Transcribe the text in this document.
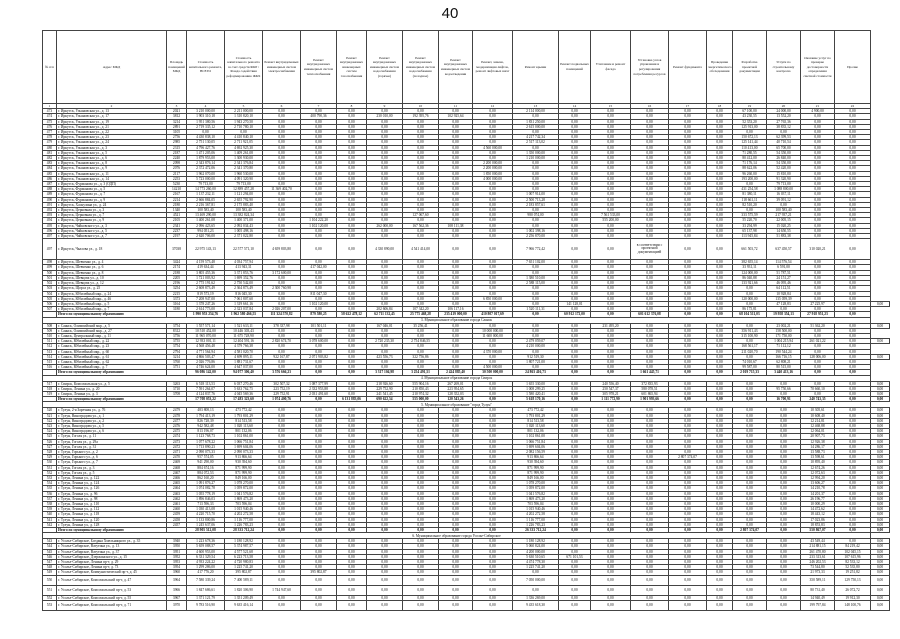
40
№ п/п	Адрес МКД	Площадь помещений МКД	Стоимость капитального ремонта, ВСЕГО	Стоимость капитального ремонта за счет средств ФКР / Фонда содействия реформированию ЖКХ	Ремонт внутридомовых инженерных систем электроснабжения	Ремонт внутридомовых инженерных систем теплоснабжения	Ремонт внутридомовых инженерных систем газоснабжения	Ремонт внутридомовых инженерных систем водоснабжения (горячее)	Ремонт внутридомовых инженерных систем водоснабжения (холодное)	Ремонт внутридомовых инженерных систем водоотведения	Ремонт, замена, модернизация лифтов, ремонт лифтовых шахт	Ремонт крыши	Ремонт подвальных помещений	Утепление и ремонт фасада	Установка узлов управления и регулирования потребления ресурсов	Ремонт фундамента	Проведение энергетического обследования	Разработка проектной документации	Услуги по строительному контролю	Оказание услуг по проверке достоверности определения сметной стоимости	Прочие	
1	2	3	4	5	6	7	8	9	10	11	12	13	14	15	16	17	18	19	20	21	22	
473	г. Иркутск, Ульяновская ул., д. 13	2021	3 210 000,00	2 211 000,00	0,00	0,00	0,00	0,00	0,00	0,00	0,00	2 114 000,00	0,00	0,00	0,00	0,00	0,00	67 100,00	24 000,00	4 900,00	0,00	
474	г. Иркутск, Ульяновская ул., д. 17	3812	1 903 310,18	1 310 820,10	0,00	400 790,36	0,00	230 010,00	192 395,76	102 925,64	0,00	0,00	0,00	0,00	0,00	0,00	0,00	43 230,55	13 552,20	0,00	0,00	
475	г. Иркутск, Ульяновская ул., д. 19	3214	1 951 380,56	1 943 270,50	0,00	0,00	0,00	0,00	0,00	0,00	0,00	1 831 250,00	0,00	0,00	0,00	0,00	0,00	52 353,20	27 765,36	0,00	0,00	
476	г. Иркутск, Ульяновская ул., д. 21	2891	2 719 335,12	2 710 780,10	0,00	0,00	0,00	0,00	0,00	0,00	0,00	2 615 000,00	0,00	0,00	0,00	0,00	0,00	125 913,00	38 835,12	0,00	0,00	
477	г. Иркутск, Ульяновская ул., д. 22	3105	0,00	0,00	0,00	0,00	0,00	0,00	0,00	0,00	0,00	0,00	0,00	0,00	0,00	0,00	0,00	0,00	0,00	0,00	0,00	
478	г. Иркутск, Ульяновская ул., д. 23	2756	4 430 838,10	4 410 840,10	0,00	0,00	0,00	0,00	0,00	0,00	0,00	4 217 742,34	0,00	0,00	0,00	0,00	0,00	150 672,13	62 399,53	0,00	0,00	
479	г. Иркутск, Ульяновская ул., д. 24	2985	2 751 130,05	2 711 921,05	0,00	0,00	0,00	0,00	0,00	0,00	0,00	2 517 113,02	0,00	0,00	0,00	0,00	0,00	125 141,44	40 710,54	0,00	0,00	
480	г. Иркутск, Ульяновская ул., д. 3	2315	4 796 427,76	4 692 925,30	0,00	0,00	0,00	0,00	0,00	0,00	4 560 000,00	0,00	0,00	0,00	0,00	0,00	0,00	110 413,00	65 700,00	0,00	0,00	
481	г. Иркутск, Ульяновская ул., д. 5	2187	1 471 205,06	1 409 261,08	0,00	0,00	0,00	0,00	0,00	0,00	0,00	1 350 000,00	0,00	0,00	0,00	0,00	0,00	71 280,55	54 350,00	0,00	0,00	
482	г. Иркутск, Ульяновская ул., д. 6	2240	1 879 953,00	1 300 930,00	0,00	0,00	0,00	0,00	0,00	0,00	0,00	1 210 000,00	0,00	0,00	0,00	0,00	0,00	80 412,00	26 840,00	0,00	0,00	
483	г. Иркутск, Ульяновская ул., д. 8	2098	2 343 876,14	2 341 376,84	0,00	0,00	0,00	0,00	0,00	0,00	2 200 000,00	0,00	0,00	0,00	0,00	0,00	0,00	71 176,14	54 350,00	0,00	0,00	
484	г. Иркутск, Ульяновская ул., д. 9	2076	2 372 472,06	2 341 370,80	0,00	0,00	0,00	0,00	0,00	0,00	2 200 000,00	0,00	0,00	0,00	0,00	0,00	0,00	88 622,06	52 420,00	0,00	0,00	
485	г. Иркутск, Ульяновская ул., д. 11	2117	1 962 070,00	1 960 530,00	0,00	0,00	0,00	0,00	0,00	0,00	1 850 000,00	0,00	0,00	0,00	0,00	0,00	0,00	96 260,00	15 810,00	0,00	0,00	
486	г. Иркутск, Ульяновская ул., д. 14	2253	5 723 000,00	4 091 320,90	0,00	0,00	0,00	0,00	0,00	0,00	4 000 000,00	0,00	0,00	0,00	0,00	0,00	0,00	193 200,00	91 320,90	0,00	0,00	
487	г. Иркутск, Фурманова ул., д. 3 (ОДП)	5230	79 713,00	79 713,00	0,00	0,00	0,00	0,00	0,00	0,00	0,00	0,00	0,00	0,00	0,00	0,00	0,00	0,00	79 713,00	0,00	0,00	
488	г. Иркутск, Фурманова ул., д. 5	14210	14 773 260,00	12 889 457,28	11 369 402,70	0,00	0,00	0,00	0,00	0,00	0,00	0,00	0,00	0,00	0,00	0,00	0,00	431 254,58	1 088 800,00	0,00	0,00	
489	г. Иркутск, Фурманова ул., д. 7	2167	1 137 232,11	1 121 294,00	0,00	0,00	0,00	0,00	0,00	0,00	0,00	1 007 914,00	0,00	0,00	0,00	0,00	0,00	81 380,11	16 037,11	0,00	0,00	
490	г. Иркутск, Фурманова ул., д. 9	2214	2 666 884,05	2 655 792,90	0,00	0,00	0,00	0,00	0,00	0,00	0,00	2 500 713,28	0,00	0,00	0,00	0,00	0,00	118 661,11	39 091,12	0,00	0,00	
491	г. Иркутск, Хаснулина ул., д. 24	2180	2 216 367,81	2 175 883,40	0,00	0,00	0,00	0,00	0,00	0,00	0,00	2 183 857,61	0,00	0,00	0,00	0,00	0,00	82 510,20	0,00	0,00	0,00	
492	г. Иркутск, Церковная ул., д. 3	1340	100 583,40	100 583,40	0,00	0,00	0,00	0,00	0,00	0,00	0,00	0,00	0,00	0,00	0,00	0,00	0,00	0,00	100 583,40	0,00	0,00	
493	г. Иркутск, Церковная ул., д. 7	4521	13 469 290,00	13 382 824,34	0,00	0,00	0,00	0,00	127 067,60	0,00	0,00	980 074,00	0,00	7 561 533,00	0,00	0,00	0,00	333 575,59	217 937,21	0,00	0,00	
494	г. Иркутск, Церковная ул., д. 9	2105	1 400 261,08	1 400 371,00	0,00	1 104 222,20	0,00	0,00	0,00	0,00	0,00	0,00	0,00	555 200,00	0,00	0,00	0,00	55 220,70	22 005,15	0,00	0,00	
495	г. Иркутск, Чайковского ул., д. 3	2341	2 096 423,65	2 092 034,43	0,00	1 102 120,00	0,00	262 000,00	167 562,36	108 111,38	0,00	0,00	0,00	0,00	0,00	0,00	0,00	33 294,99	15 020,25	0,00	0,00	
496	г. Иркутск, Чайковского ул., д. 5	2237	994 051,23	1 005 498,16	0,00	0,00	0,00	0,00	0,00	0,00	0,00	1 002 398,16	0,00	0,00	0,00	0,00	0,00	65 137,98	14 650,55	0,00	0,00	
497	г. Иркутск, Чайковского ул., д. 7	2197	2 620 706,00	2 371 022,80	0,00	0,00	0,00	0,00	0,00	0,00	0,00	2 256 870,00	0,00	0,00	0,00	0,00	0,00	113 945,84	51 883,38	0,00	0,00	
497	г. Иркутск, Чкалова ул., д. 18	37038	22 975 143,13	22 577 571,10	4 659 803,80	0,00	0,00	4 330 890,00	4 541 414,00	0,00	0,00	7 966 772,42	0,00	0,00	в соответствии с проектной документацией	0,00	0,00	661 503,72	637 450,57	310 020,21	0,00	
498	г. Иркутск, Шевченко ул., д. 4	3424	4 159 573,48	4 034 757,94	0,00	0,00	0,00	0,00	0,00	0,00	0,00	7 651 102,00	0,00	0,00	0,00	0,00	0,00	382 655,14	114 576,54	0,00	0,00	
499	г. Иркутск, Шевченко ул., д. 6	2174	419 634,44	413 943,31	0,00	417 042,00	0,00	0,00	0,00	0,00	0,00	0,00	0,00	0,00	0,00	0,00	0,00	33 931,11	6 591,00	0,00	0,00	
500	г. Иркутск, Шевченко ул., д. 8	2188	3 805 455,36	3 371 853,76	3 172 600,00	0,00	0,00	0,00	0,00	0,00	0,00	0,00	0,00	0,00	0,00	0,00	0,00	124 000,00	51 787,51	0,00	0,00	
501	г. Иркутск, Шевцова ул., д. 10	2205	1 721 003,92	1 699 352,76	0,00	0,00	0,00	0,00	0,00	0,00	0,00	1 380 510,00	0,00	0,00	0,00	0,00	0,00	86 040,88	24 151,27	0,00	0,00	
502	г. Иркутск, Шевцова ул., д. 12	2196	2 775 191,62	2 750 542,00	0,00	0,00	0,00	0,00	0,00	0,00	0,00	2 588 115,00	0,00	0,00	0,00	0,00	0,00	133 921,66	46 095,46	0,00	0,00	
503	г. Иркутск, Щорса ул., д. 25	3254	2 608 873,49	2 364 873,49	2 300 760,98	0,00	0,00	0,00	0,00	0,00	0,00	0,00	0,00	0,00	0,00	0,00	0,00	0,00	64 112,51	0,00	0,00	
504	г. Иркутск, Юбилейный мкр., д. 24	2215	819 573,19	816 045,30	0,00	811 047,30	0,00	0,00	0,00	0,00	0,00	0,00	0,00	0,00	0,00	0,00	0,00	0,00	10 928,84	0,00	0,00	
505	г. Иркутск, Юбилейный мкр., д. 46	3373	7 208 947,00	7 061 807,60	0,00	0,00	0,00	0,00	0,00	0,00	6 850 000,00	0,00	0,00	0,00	0,00	0,00	0,00	120 000,00	135 059,39	0,00	0,00	
506	г. Иркутск, Юбилейный мкр., д. 5	3164	1 378 247,26	1 319 661,16	0,00	1 102 120,00	0,00	0,00	0,00	0,00	0,00	0,00	141 128,01	0,00	0,00	0,00	0,00	0,00	47 128,83	27 225,97	0,00	0,00
507	г. Иркутск, Юбилейный мкр., д. 7	3180	2 614 773,00	2 323 037,84	2 026 207,00	0,00	0,00	202 606,84	107 342,20	106 117,16	0,00	1 520 111,31	0,00	0,00	0,00	0,00	0,00	86 175,81	0,00	0,00	0,00	
	Итого по муниципальному образованию		1 990 953 254,76	1 962 580 466,55	111 324 570,82	879 580,25	58 622 478,12	62 711 132,45	25 775 468,28	235 419 000,00	410 807 017,69	0,00	60 912 172,00	0,00	601 612 376,08	0,00	0,00	68 104 511,03	19 958 354,13	27 918 951,23	0,00	
3. Муниципальное образование города Саянск																						
508	г. Саянск, Олимпийский мкр., д. 5	3754	1 557 571,14	1 521 633,11	378 337,98	101 501,11	0,00	167 046,01	35 256,41	0,00	0,00	0,00	0,00	231 495,20	0,00	0,00	0,00	0,00	23 002,21	51 362,20	0,00	0,00
509	г. Саянск, Олимпийский мкр., д. 27	8312	10 510 452,00	10 446 303,43	0,00	0,00	0,00	0,00	0,00	0,00	10 000 000,00	0,00	0,00	0,00	0,00	0,00	0,00	356 911,43	158 500,00	0,00	0,00	
510	г. Саянск, Центральный мкр., д. 11	3756	11 965 070,00	11 675 728,90	0,00	0,00	0,00	0,00	0,00	0,00	11 600 000,00	0,00	0,00	0,00	0,00	0,00	0,00	315 100,90	171 750,00	0,00	0,00	
511	г. Саянск, Юбилейный мкр., д. 22	3755	12 933 001,11	12 404 591,16	2 820 674,70	3 078 600,00	0,00	2 720 235,30	2 754 846,55	0,00	0,00	2 479 059,07	0,00	0,00	0,00	0,00	0,00	0,00	1 004 215,94	261 021,22	0,00	0,00
512	г. Саянск, Юбилейный мкр., д. 23	3754	4 568 456,48	4 379 766,38	0,00	0,00	0,00	0,00	0,00	0,00	0,00	4 210 000,00	0,00	0,00	0,00	0,00	0,00	168 561,17	71 112,12	0,00	0,00	
513	г. Саянск, Юбилейный мкр., д. 60	2794	4 771 564,94	4 581 020,70	0,00	0,00	0,00	0,00	0,00	0,00	4 370 000,00	0,00	0,00	0,00	0,00	0,00	0,00	211 020,70	190 544,24	0,00	0,00	
514	г. Саянск, Юбилейный мкр., д. 61	3214	4 866 503,47	4 699 895,11	922 167,87	2 071 903,82	0,00	423 556,73	322 756,86	0,00	0,00	912 519,30	0,00	0,00	0,00	0,00	0,00	0,00	166 716,15	128 006,00	0,00	0,00
515	г. Саянск, Юбилейный мкр., д. 62	3760	2 026 776,86	1 881 731,67	0,00	0,00	0,00	0,00	0,00	0,00	0,00	1 807 721,00	0,00	0,00	0,00	0,00	0,00	74 010,67	62 808,21	0,00	0,00	
516	г. Саянск, Юбилейный мкр., д. 7	3751	4 746 624,00	4 647 037,00	0,00	0,00	0,00	0,00	0,00	0,00	4 500 000,00	0,00	0,00	0,00	0,00	0,00	0,00	99 587,00	80 515,00	0,00	0,00	
	Итого по муниципальному образованию		96 086 142,00	94 077 306,40	3 576 666,23	0,00	0,00	3 317 104,98	3 254 491,51	2 424 885,40	30 500 000,00	24 863 416,73	0,00	0,00	1 661 445,71	0,00	0,00	2 019 715,33	3 440 413,16	0,00	0,00	
4. Муниципальное образование города Свирск																						
517	г. Свирск, Комсомольская ул., д. 5	3263	6 518 113,53	6 037 270,46	302 507,32	1 087 377,99	0,00	218 926,60	555 904,16	267 269,01	0,00	1 655 330,00	0,00	240 556,40	372 835,93	0,00	0,00	0,00	0,00	0,00	0,00	0,00
518	г. Свирск, Ленина ул., д. 20	3710	7 591 264,07	5 633 762,75	223 752,19	2 332 953,88	0,00	229 752,90	210 850,43	223 954,65	0,00	1 008 299,25	0,00	250 547,37	580 078,51	0,00	0,00	0,00	95 750,66	70 660,10	0,00	0,00
519	г. Свирск, Ленина ул., д. 3	3708	4 124 837,76	4 045 569,36	229 752,91	2 031 491,60	0,00	241 541,45	210 974,32	128 352,03	0,00	1 580 420,41	0,00	305 978,21	601 865,94	0,00	0,00	0,00	0,00	0,00	0,00	0,00
	Итого по муниципальному образованию		17 708 053,22	17 483 323,60	1 074 400,76	0,00	6 131 883,06	690 622,54	555 000,00	120 543,26	0,00	5 618 170,16	0,00	1 111 772,90	1 901 993,66	0,00	0,00	0,00	16 700,91	240 743,35	0,00	0,00
5. Муниципальное образование "город Тулун"																						
520	г. Тулун, 2-я Заречная ул., д. 76	2479	483 808,13	473 772,42	0,00	0,00	0,00	0,00	0,00	0,00	0,00	473 772,42	0,00	0,00	0,00	0,00	0,00	0,00	0,00	10 305,61	0,00	0,00
521	г. Тулун, Виноградова ул., д. 1	2478	1 794 413,19	1 793 801,29	0,00	0,00	0,00	0,00	0,00	0,00	0,00	1 793 801,29	0,00	0,00	0,00	0,00	0,00	0,00	0,00	10 608,40	0,00	0,00
522	г. Тулун, Виноградова ул., д. 2	2477	826 728,39	814 513,58	0,00	0,00	0,00	0,00	0,00	0,00	0,00	814 513,58	0,00	0,00	0,00	0,00	0,00	0,00	0,00	12 214,81	0,00	0,00
523	г. Тулун, Виноградова ул., д. 5	2476	942 582,48	1 020 113,60	0,00	0,00	0,00	0,00	0,00	0,00	0,00	1 020 113,60	0,00	0,00	0,00	0,00	0,00	0,00	0,00	12 468,88	0,00	0,00
524	г. Тулун, Виноградова ул., д. 6	2475	813 196,07	801 132,06	0,00	0,00	0,00	0,00	0,00	0,00	0,00	801 132,06	0,00	0,00	0,00	0,00	0,00	0,00	0,00	12 064,01	0,00	0,00
525	г. Тулун, Гоголя ул., д. 11	2474	1 123 768,73	1 102 861,00	0,00	0,00	0,00	0,00	0,00	0,00	0,00	1 102 861,00	0,00	0,00	0,00	0,00	0,00	0,00	0,00	20 907,73	0,00	0,00
526	г. Тулун, Гоголя ул., д. 29а	2473	1 077 678,22	1 066 751,84	0,00	0,00	0,00	0,00	0,00	0,00	0,00	1 066 751,84	0,00	0,00	0,00	0,00	0,00	0,00	0,00	12 926,38	0,00	0,00
527	г. Тулун, Гоголя ул., д. 31	2472	1 713 890,23	1 699 604,06	0,00	0,00	0,00	0,00	0,00	0,00	0,00	1 699 604,06	0,00	0,00	0,00	0,00	0,00	0,00	0,00	14 286,17	0,00	0,00
528	г. Тулун, Горького ул., д. 2	2471	2 090 073,33	2 090 073,33	0,00	0,00	0,00	0,00	0,00	0,00	0,00	2 082 156,59	0,00	0,00	0,00	0,00	0,00	0,00	0,00	13 588,73	0,00	0,00
529	г. Тулун, Горького ул., д. 6	2470	957 574,05	913 866,64	0,00	0,00	0,00	0,00	0,00	0,00	0,00	913 866,64	0,00	0,00	0,00	2 807 374,07	0,00	0,00	0,00	13 598,61	0,00	0,00
530	г. Тулун, Горького ул., д. 7	2469	941 290,00	930 394,60	0,00	0,00	0,00	0,00	0,00	0,00	0,00	930 394,60	0,00	0,00	0,00	0,00	0,00	0,00	0,00	10 895,40	0,00	0,00
531	г. Тулун, Гоголя ул., д. 3	2468	884 674,16	871 999,90	0,00	0,00	0,00	0,00	0,00	0,00	0,00	871 999,90	0,00	0,00	0,00	0,00	0,00	0,00	0,00	12 674,26	0,00	0,00
532	г. Тулун, Гоголя ул., д. 5	2467	884 072,53	871 999,90	0,00	0,00	0,00	0,00	0,00	0,00	0,00	871 999,90	0,00	0,00	0,00	0,00	0,00	0,00	0,00	12 072,63	0,00	0,00
533	г. Тулун, Ленина ул., д. 122	2466	862 160,20	849 166,00	0,00	0,00	0,00	0,00	0,00	0,00	0,00	849 166,00	0,00	0,00	0,00	0,00	0,00	0,00	0,00	12 994,20	0,00	0,00
534	г. Тулун, Ленина ул., д. 124	2465	1 091 876,27	1 078 270,00	0,00	0,00	0,00	0,00	0,00	0,00	0,00	1 078 270,00	0,00	0,00	0,00	0,00	0,00	0,00	0,00	13 606,27	0,00	0,00
535	г. Тулун, Ленина ул., д. 126	2464	1 074 082,78	1 059 872,00	0,00	0,00	0,00	0,00	0,00	0,00	0,00	1 059 872,00	0,00	0,00	0,00	0,00	0,00	0,00	0,00	14 210,78	0,00	0,00
536	г. Тулун, Ленина ул., д. 96	2463	1 055 778,19	1 041 576,82	0,00	0,00	0,00	0,00	0,00	0,00	0,00	1 041 576,82	0,00	0,00	0,00	0,00	0,00	0,00	0,00	14 201,37	0,00	0,00
537	г. Тулун, Ленина ул., д. 98	2462	1 896 846,03	1 869 473,20	0,00	0,00	0,00	0,00	0,00	0,00	0,00	1 869 473,20	0,00	0,00	0,00	0,00	0,00	0,00	0,00	26 196,77	0,00	0,00
538	г. Тулун, Ленина ул., д. 110	2461	713 596,33	703 596,04	0,00	0,00	0,00	0,00	0,00	0,00	0,00	703 596,04	0,00	0,00	0,00	0,00	0,00	0,00	0,00	10 000,29	0,00	0,00
539	г. Тулун, Ленина ул., д. 112	2460	1 030 413,08	1 015 940,46	0,00	0,00	0,00	0,00	0,00	0,00	0,00	1 015 940,46	0,00	0,00	0,00	0,00	0,00	0,00	0,00	14 472,62	0,00	0,00
540	г. Тулун, Ленина ул., д. 118	2459	4 220 715,70	4 202 272,58	0,00	0,00	0,00	0,00	0,00	0,00	0,00	4 202 272,58	0,00	0,00	0,00	0,00	0,00	0,00	0,00	18 443,12	0,00	0,00
541	г. Тулун, Ленина ул., д. 120	2458	1 133 800,86	1 116 777,00	0,00	0,00	0,00	0,00	0,00	0,00	0,00	1 116 777,00	0,00	0,00	0,00	0,00	0,00	0,00	0,00	17 023,86	0,00	0,00
542	г. Тулун, Ленина ул., д. 128	2457	1 245 637,06	1 226 783,23	0,00	0,00	0,00	0,00	0,00	0,00	0,00	1 226 783,23	0,00	0,00	0,00	0,00	0,00	0,00	0,00	18 853,83	0,00	0,00
	Итого по муниципальному образованию		28 905 512,08	28 333 712,24	0,00	0,00	0,00	0,00	0,00	0,00	0,00	26 333 712,24	0,00	0,00	0,00	0,00	0,00	2 807 374,07	0,00	550 867,07	0,00	0,00
6. Муниципальное образование города Усолье-Сибирское																						
543	г. Усолье-Сибирское, Богдана Хмельницкого ул., д. 35	3940	1 223 678,36	1 180 128,92	0,00	0,00	0,00	0,00	0,00	0,00	0,00	1 180 128,92	0,00	0,00	0,00	0,00	0,00	0,00	0,00	43 549,44	0,00	0,00
544	г. Усолье-Сибирское, Ватутина ул., д. 13	3950	5 659 088,57	5 374 987,57	0,00	0,00	0,00	0,00	0,00	0,00	0,00	5 060 824,00	0,00	0,00	0,00	0,00	0,00	0,00	0,00	214 881,15	84 219,42	0,00
545	г. Усолье-Сибирское, Ватутина ул., д. 37	3951	4 600 953,00	4 577 521,68	0,00	0,00	0,00	0,00	0,00	0,00	0,00	4 200 000,00	0,00	0,00	0,00	0,00	0,00	0,00	0,00	261 470,80	102 045,15	0,00
546	г. Усолье-Сибирское, Дзержинского ул., д. 15	3952	6 331 329,54	6 223 713,58	0,00	0,00	0,00	0,00	0,00	0,00	0,00	5 630 510,65	671 101,53	0,00	0,00	0,00	0,00	0,00	0,00	233 313,61	107 615,96	0,00
547	г. Усолье-Сибирское, Ленина пр-т, д. 29	3953	4 933 224,22	4 720 980,83	0,00	0,00	0,00	0,00	0,00	0,00	0,00	4 474 778,30	0,00	0,00	0,00	0,00	0,00	0,00	0,00	246 202,53	82 533,12	0,00
548	г. Усолье-Сибирское, Ленина пр-т, д. 73	3954	1 299 286,00	1 225 741,20	0,00	0,00	0,00	0,00	0,00	0,00	0,00	1 225 741,20	0,00	0,00	0,00	0,00	0,00	0,00	0,00	73 544,80	52 535,80	0,00
549	г. Усолье-Сибирское, Коммунистический пр-т, д. 45	3960	417 776,20	395 802,87	0,00	395 802,87	0,00	0,00	0,00	0,00	0,00	0,00	0,00	0,00	0,00	0,00	0,00	0,00	0,00	21 973,33	19 251,82	0,00
550	г. Усолье-Сибирское, Комсомольский пр-т, д. 47	3964	7 580 339,24	7 400 589,11	0,00	0,00	0,00	0,00	0,00	0,00	0,00	7 050 000,00	0,00	0,00	0,00	0,00	0,00	0,00	0,00	350 589,11	129 750,13	0,00
551	г. Усолье-Сибирское, Комсомольский пр-т, д. 53	3966	1 847 686,61	1 820 306,90	1 744 947,60	0,00	0,00	0,00	0,00	0,00	0,00	0,00	0,00	0,00	0,00	0,00	0,00	0,00	0,00	80 731,40	26 072,72	0,00
552	г. Усолье-Сибирское, Комсомольский пр-т, д. 55	3967	1 371 121,79	1 351 209,49	0,00	0,00	0,00	0,00	0,00	0,00	0,00	1 336 269,00	0,00	0,00	0,00	0,00	0,00	0,00	0,00	14 940,49	19 912,30	0,00
553	г. Усолье-Сибирское, Комсомольский пр-т, д. 71	3970	9 783 516,90	9 635 416,14	0,00	0,00	0,00	0,00	0,00	0,00	0,00	9 435 618,30	0,00	0,00	0,00	0,00	0,00	0,00	0,00	199 797,84	148 100,76	0,00
